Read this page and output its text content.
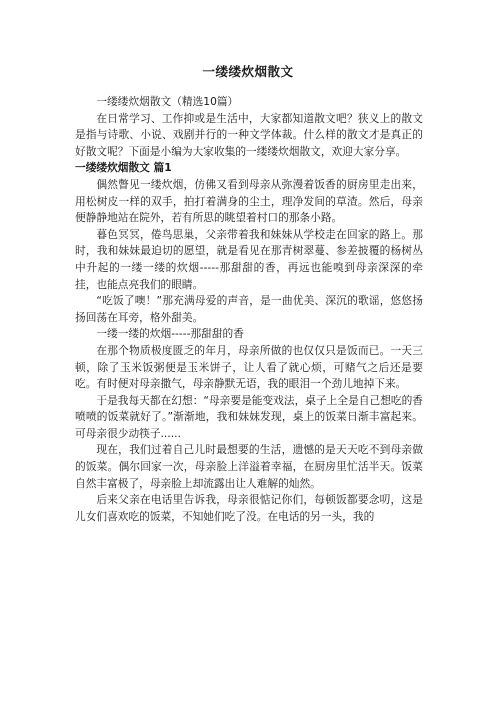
一缕缕炊烟散文

一缕缕炊烟散文（精选10篇）

在日常学习、工作抑或是生活中，大家都知道散文吧？狭义上的散文是指与诗歌、小说、戏剧并行的一种文学体裁。什么样的散文才是真正的好散文呢？下面是小编为大家收集的一缕缕炊烟散文，欢迎大家分享。

一缕缕炊烟散文 篇1

偶然瞥见一缕炊烟，仿佛又看到母亲从弥漫着饭香的厨房里走出来，用松树皮一样的双手，拍打着满身的尘土，理净发间的草渣。然后，母亲便静静地站在院外，若有所思的眺望着村口的那条小路。

暮色冥冥，倦鸟思巢，父亲带着我和妹妹从学校走在回家的路上。那时，我和妹妹最迫切的愿望，就是看见在那青树翠蔓、参差披覆的杨树丛中升起的一缕一缕的炊烟-----那甜甜的香，再远也能嗅到母亲深深的牵挂，也能点亮我们的眼睛。

“吃饭了噢！”那充满母爱的声音，是一曲优美、深沉的歌谣，悠悠扬扬回荡在耳旁，格外甜美。

一缕一缕的炊烟-----那甜甜的香

在那个物质极度匮乏的年月，母亲所做的也仅仅只是饭而已。一天三顿，除了玉米饭粥便是玉米饼子，让人看了就心烦，可赌气之后还是要吃。有时便对母亲撒气，母亲静默无语，我的眼泪一个劲儿地掉下来。

于是我每天都在幻想：“母亲要是能变戏法，桌子上全是自己想吃的香喷喷的饭菜就好了。”渐渐地，我和妹妹发现，桌上的饭菜日渐丰富起来。可母亲很少动筷子......

现在，我们过着自己儿时最想要的生活，遗憾的是天天吃不到母亲做的饭菜。偶尔回家一次，母亲脸上洋溢着幸福，在厨房里忙活半天。饭菜自然丰富极了，母亲脸上却流露出让人难解的灿然。

后来父亲在电话里告诉我，母亲很惦记你们，每顿饭都要念叨，这是儿女们喜欢吃的饭菜，不知她们吃了没。在电话的另一头，我的
